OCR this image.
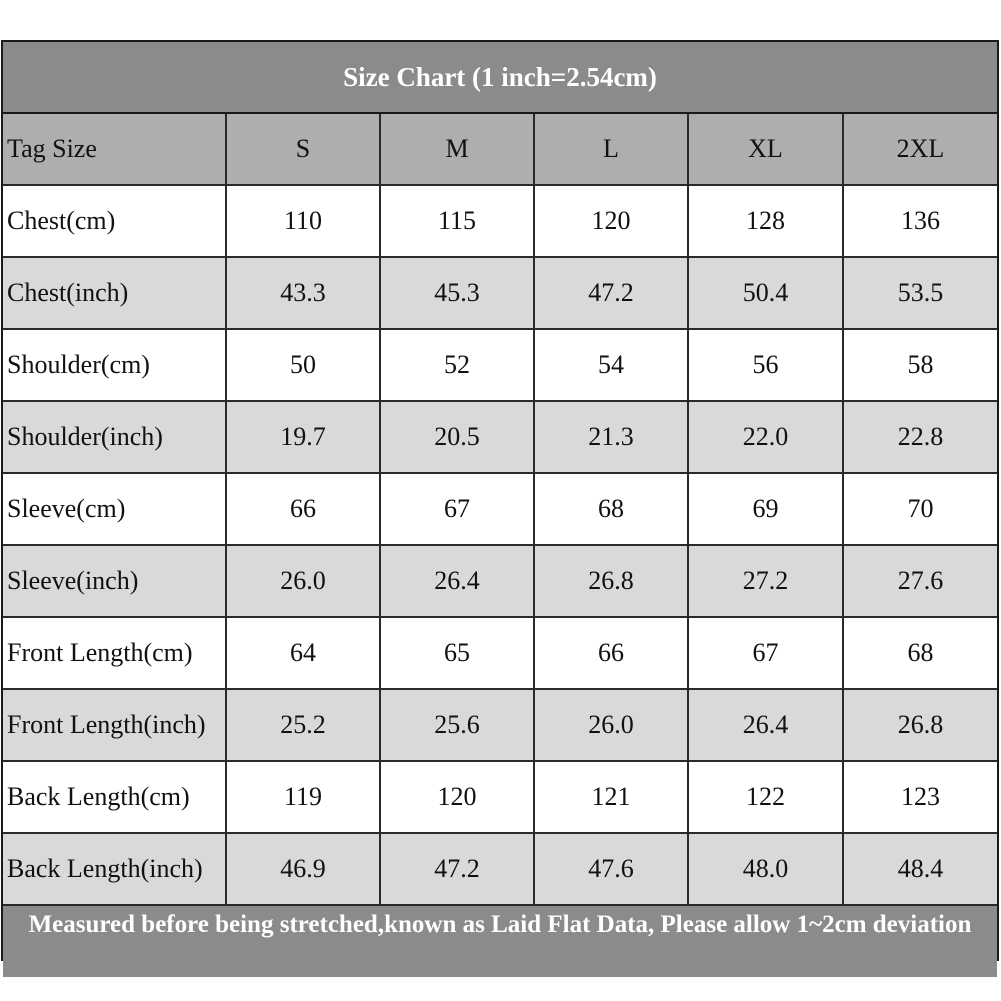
Size Chart (1 inch=2.54cm)
Tag Size	S	M	L	XL	2XL
Chest(cm)	110	115	120	128	136
Chest(inch)	43.3	45.3	47.2	50.4	53.5
Shoulder(cm)	50	52	54	56	58
Shoulder(inch)	19.7	20.5	21.3	22.0	22.8
Sleeve(cm)	66	67	68	69	70
Sleeve(inch)	26.0	26.4	26.8	27.2	27.6
Front Length(cm)	64	65	66	67	68
Front Length(inch)	25.2	25.6	26.0	26.4	26.8
Back Length(cm)	119	120	121	122	123
Back Length(inch)	46.9	47.2	47.6	48.0	48.4
Measured before being stretched,known as Laid Flat Data, Please allow 1~2cm deviation
